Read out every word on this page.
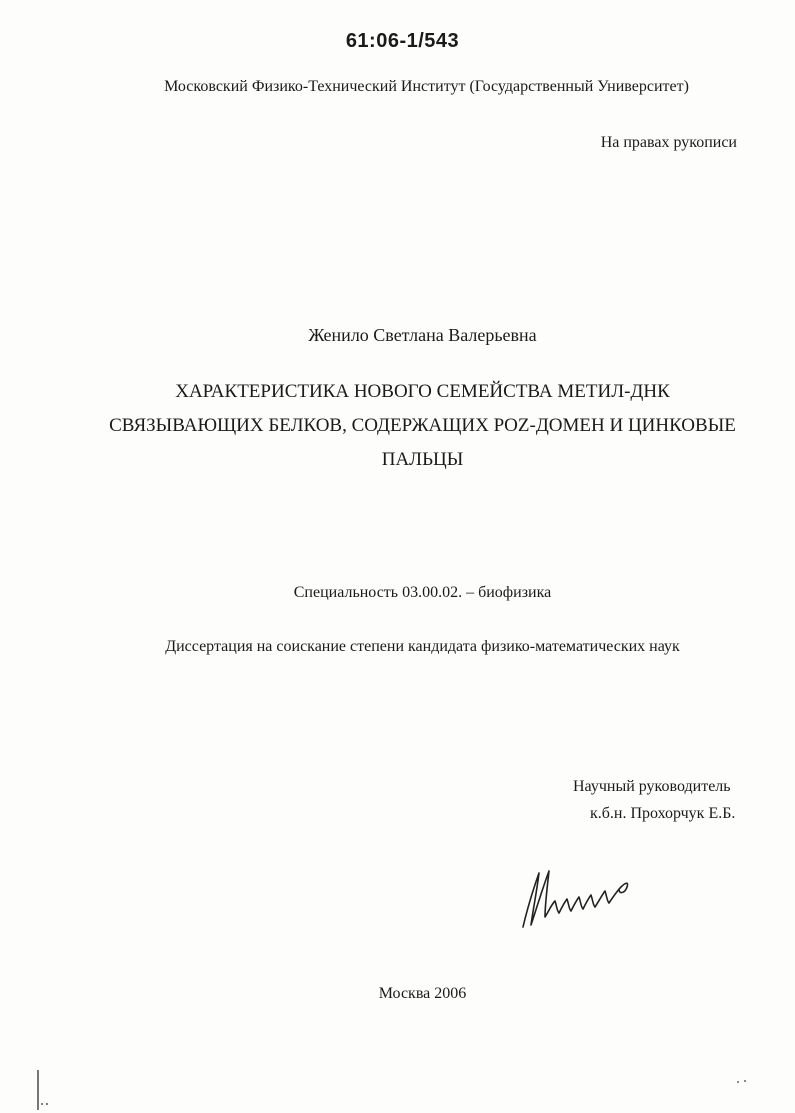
61:06-1/543
Московский Физико-Технический Институт (Государственный Университет)
На правах рукописи
Женило Светлана Валерьевна
ХАРАКТЕРИСТИКА НОВОГО СЕМЕЙСТВА МЕТИЛ-ДНК
СВЯЗЫВАЮЩИХ БЕЛКОВ, СОДЕРЖАЩИХ POZ-ДОМЕН И ЦИНКОВЫЕ
ПАЛЬЦЫ
Специальность 03.00.02. – биофизика
Диссертация на соискание степени кандидата физико-математических наук
Научный руководитель
к.б.н. Прохорчук Е.Б.
Москва 2006
